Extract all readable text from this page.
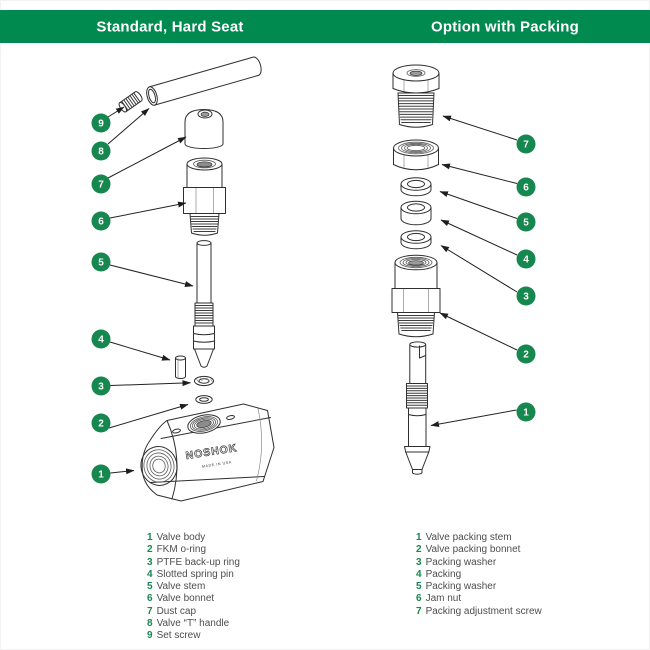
Standard, Hard Seat	Option with Packing
NOSHOK
MADE IN USA
9
8
7
6
5
4
3
2
1
7
6
5
4
3
2
1
1 Valve body
2 FKM o-ring
3 PTFE back-up ring
4 Slotted spring pin
5 Valve stem
6 Valve bonnet
7 Dust cap
8 Valve “T” handle
9 Set screw
1 Valve packing stem
2 Valve packing bonnet
3 Packing washer
4 Packing
5 Packing washer
6 Jam nut
7 Packing adjustment screw
